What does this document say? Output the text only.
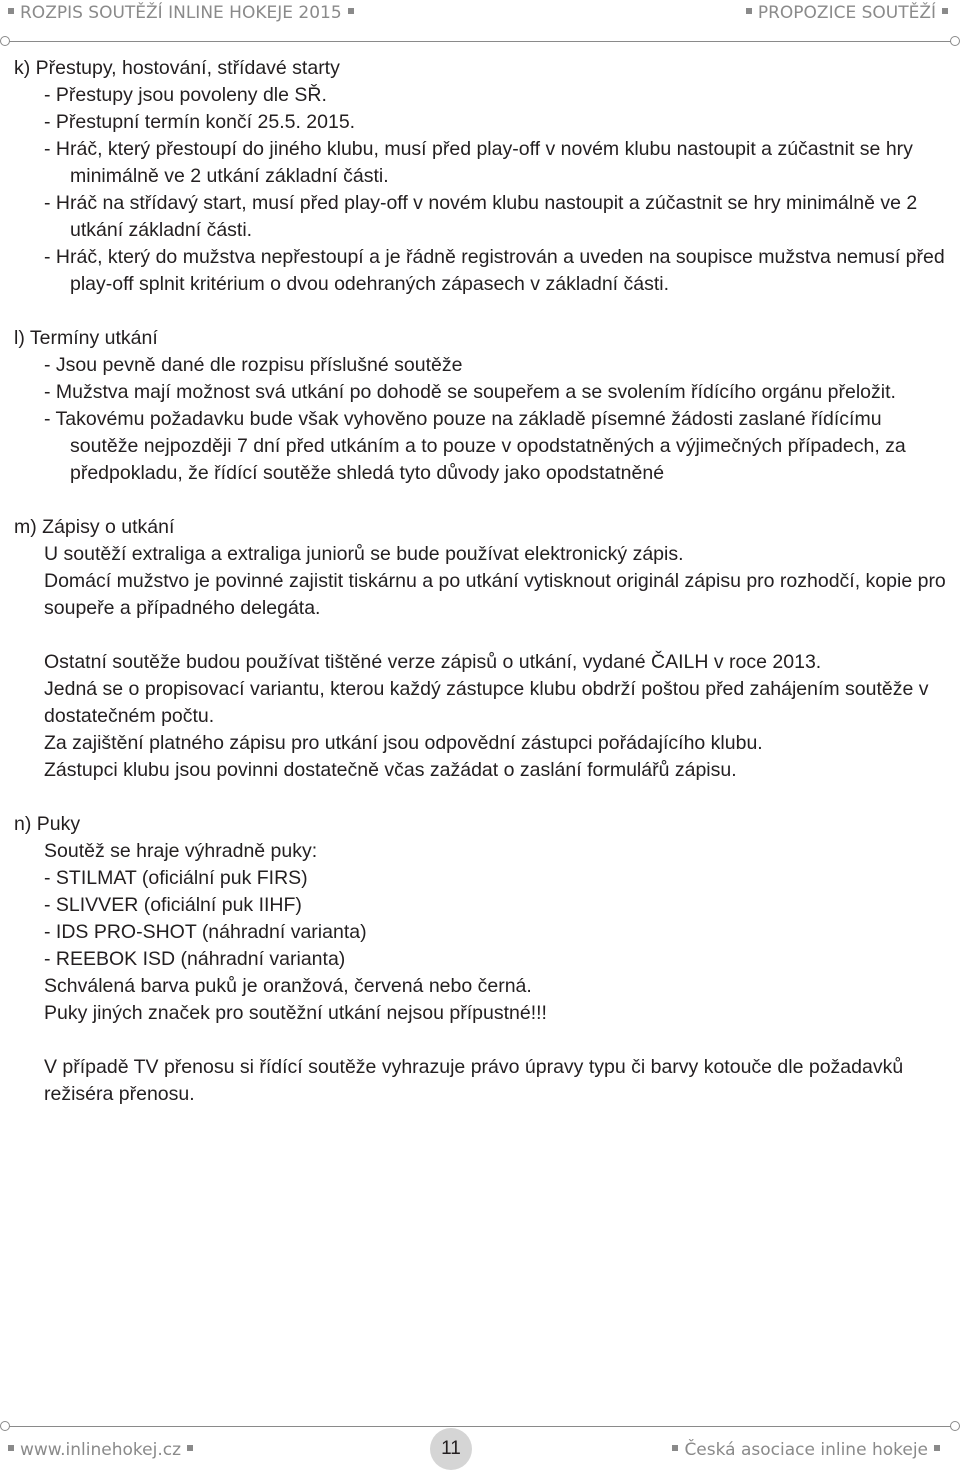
ROZPIS SOUTĚŽÍ INLINE HOKEJE 2015	PROPOZICE SOUTĚŽÍ

k) Přestupy, hostování, střídavé starty

- Přestupy jsou povoleny dle SŘ.

- Přestupní termín končí 25.5. 2015.

- Hráč, který přestoupí do jiného klubu, musí před play-off v novém klubu nastoupit a zúčastnit se hry minimálně ve 2 utkání základní části.

- Hráč na střídavý start, musí před play-off v novém klubu nastoupit a zúčastnit se hry minimálně ve 2 utkání základní části.

- Hráč, který do mužstva nepřestoupí a je řádně registrován a uveden na soupisce mužstva nemusí před play-off splnit kritérium o dvou odehraných zápasech v základní části.

l) Termíny utkání

- Jsou pevně dané dle rozpisu příslušné soutěže

- Mužstva mají možnost svá utkání po dohodě se soupeřem a se svolením řídícího orgánu přeložit.

- Takovému požadavku bude však vyhověno pouze na základě písemné žádosti zaslané řídícímu soutěže nejpozději 7 dní před utkáním a to pouze v opodstatněných a výjimečných případech, za předpokladu, že řídící soutěže shledá tyto důvody jako opodstatněné

m) Zápisy o utkání

U soutěží extraliga a extraliga juniorů se bude používat elektronický zápis.

Domácí mužstvo je povinné zajistit tiskárnu a po utkání vytisknout originál zápisu pro rozhodčí, kopie pro soupeře a případného delegáta.

Ostatní soutěže budou používat tištěné verze zápisů o utkání, vydané ČAILH v roce 2013.

Jedná se o propisovací variantu, kterou každý zástupce klubu obdrží poštou před zahájením soutěže v dostatečném počtu.

Za zajištění platného zápisu pro utkání jsou odpovědní zástupci pořádajícího klubu.

Zástupci klubu jsou povinni dostatečně včas zažádat o zaslání formulářů zápisu.

n) Puky

Soutěž se hraje výhradně puky:

- STILMAT (oficiální puk FIRS)

- SLIVVER (oficiální puk IIHF)

- IDS PRO-SHOT (náhradní varianta)

- REEBOK ISD (náhradní varianta)

Schválená barva puků je oranžová, červená nebo černá.

Puky jiných značek pro soutěžní utkání nejsou přípustné!!!

V případě TV přenosu si řídící soutěže vyhrazuje právo úpravy typu či barvy kotouče dle požadavků režiséra přenosu.

www.inlinehokej.cz	Česká asociace inline hokeje
11
